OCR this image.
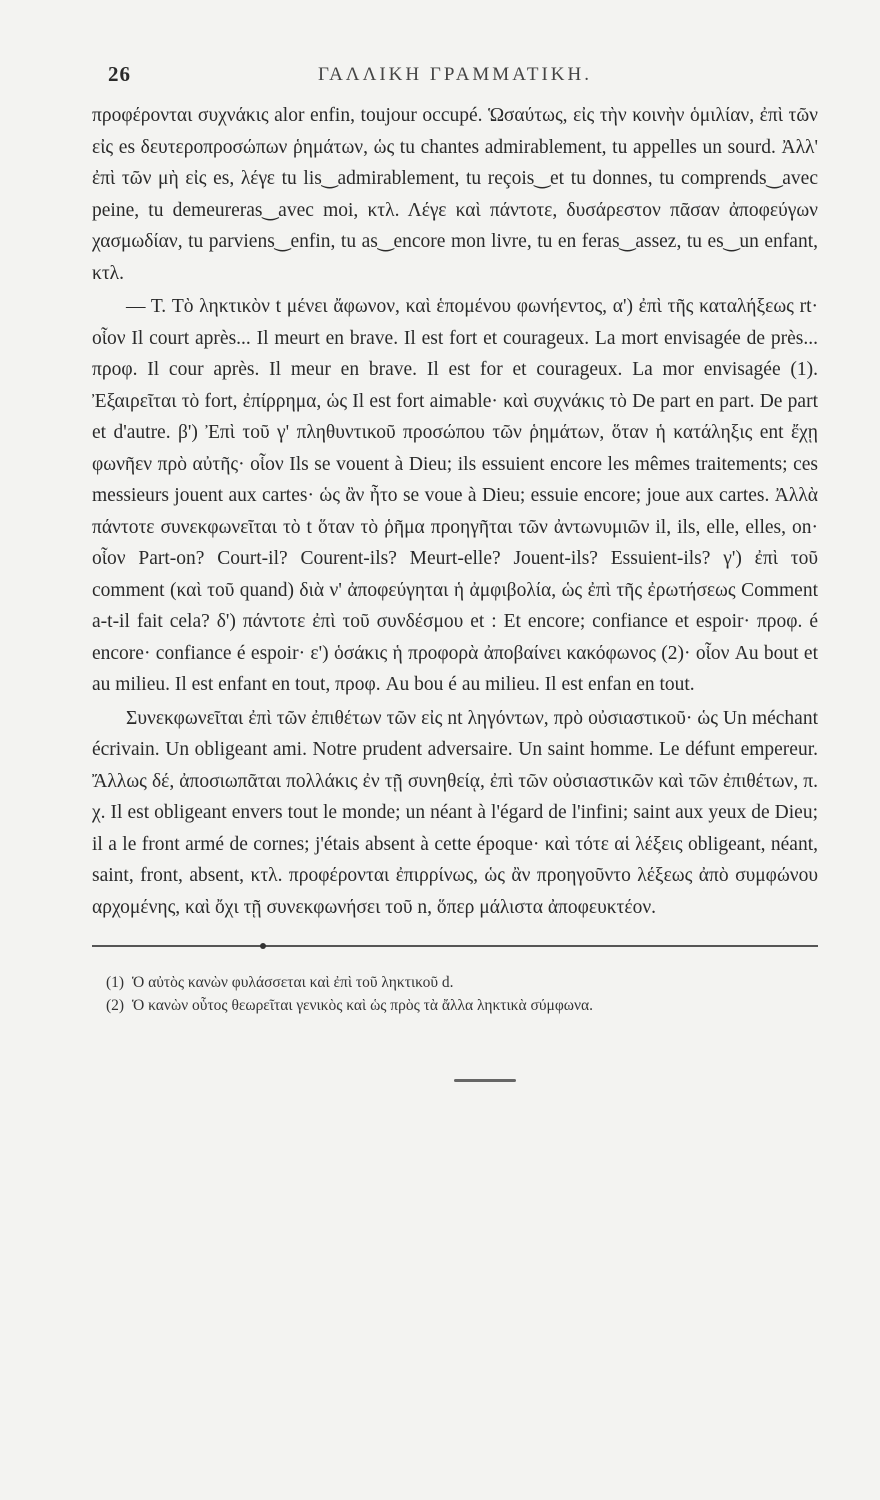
26	ΓΑΛΛΙΚΗ ΓΡΑΜΜΑΤΙΚΗ.

προφέρονται συχνάκις alor enfin, toujour occupé. Ὡσαύτως, εἰς τὴν κοινὴν ὁμιλίαν, ἐπὶ τῶν εἰς es δευτεροπροσώπων ῥημάτων, ὡς tu chantes admirablement, tu appelles un sourd. Ἀλλ' ἐπὶ τῶν μὴ εἰς es, λέγε tu lis‿admirablement, tu reçois‿et tu donnes, tu comprends‿avec peine, tu demeureras‿avec moi, κτλ. Λέγε καὶ πάντοτε, δυσάρεστον πᾶσαν ἀποφεύγων χασμωδίαν, tu parviens‿enfin, tu as‿encore mon livre, tu en feras‿assez, tu es‿un enfant, κτλ.

— T. Τὸ ληκτικὸν t μένει ἄφωνον, καὶ ἑπομένου φωνήεντος, α') ἐπὶ τῆς καταλήξεως rt· οἷον Il court après... Il meurt en brave. Il est fort et courageux. La mort envisagée de près... προφ. Il cour après. Il meur en brave. Il est for et courageux. La mor envisagée (1). Ἐξαιρεῖται τὸ fort, ἐπίρρημα, ὡς Il est fort aimable· καὶ συχνάκις τὸ De part en part. De part et d'autre. β') Ἐπὶ τοῦ γ' πληθυντικοῦ προσώπου τῶν ῥημάτων, ὅταν ἡ κατάληξις ent ἔχῃ φωνῆεν πρὸ αὐτῆς· οἷον Ils se vouent à Dieu; ils essuient encore les mêmes traitements; ces messieurs jouent aux cartes· ὡς ἂν ἦτο se voue à Dieu; essuie encore; joue aux cartes. Ἀλλὰ πάντοτε συνεκφωνεῖται τὸ t ὅταν τὸ ῥῆμα προηγῆται τῶν ἀντωνυμιῶν il, ils, elle, elles, on· οἷον Part-on? Court-il? Courent-ils? Meurt-elle? Jouent-ils? Essuient-ils? γ') ἐπὶ τοῦ comment (καὶ τοῦ quand) διὰ ν' ἀποφεύγηται ἡ ἀμφιβολία, ὡς ἐπὶ τῆς ἐρωτήσεως Comment a-t-il fait cela? δ') πάντοτε ἐπὶ τοῦ συνδέσμου et : Et encore; confiance et espoir· προφ. é encore· confiance é espoir· ε') ὁσάκις ἡ προφορὰ ἀποβαίνει κακόφωνος (2)· οἷον Au bout et au milieu. Il est enfant en tout, προφ. Au bou é au milieu. Il est enfan en tout.

Συνεκφωνεῖται ἐπὶ τῶν ἐπιθέτων τῶν εἰς nt ληγόντων, πρὸ οὐσιαστικοῦ· ὡς Un méchant écrivain. Un obligeant ami. Notre prudent adversaire. Un saint homme. Le défunt empereur. Ἄλλως δέ, ἀποσιωπᾶται πολλάκις ἐν τῇ συνηθείᾳ, ἐπὶ τῶν οὐσιαστικῶν καὶ τῶν ἐπιθέτων, π. χ. Il est obligeant envers tout le monde; un néant à l'égard de l'infini; saint aux yeux de Dieu; il a le front armé de cornes; j'étais absent à cette époque· καὶ τότε αἱ λέξεις obligeant, néant, saint, front, absent, κτλ. προφέρονται ἐπιρρίνως, ὡς ἂν προηγοῦντο λέξεως ἀπὸ συμφώνου αρχομένης, καὶ ὄχι τῇ συνεκφωνήσει τοῦ n, ὅπερ μάλιστα ἀποφευκτέον.

(1) Ὁ αὐτὸς κανὼν φυλάσσεται καὶ ἐπὶ τοῦ ληκτικοῦ d.
(2) Ὁ κανὼν οὗτος θεωρεῖται γενικὸς καὶ ὡς πρὸς τὰ ἄλλα ληκτικὰ σύμφωνα.
